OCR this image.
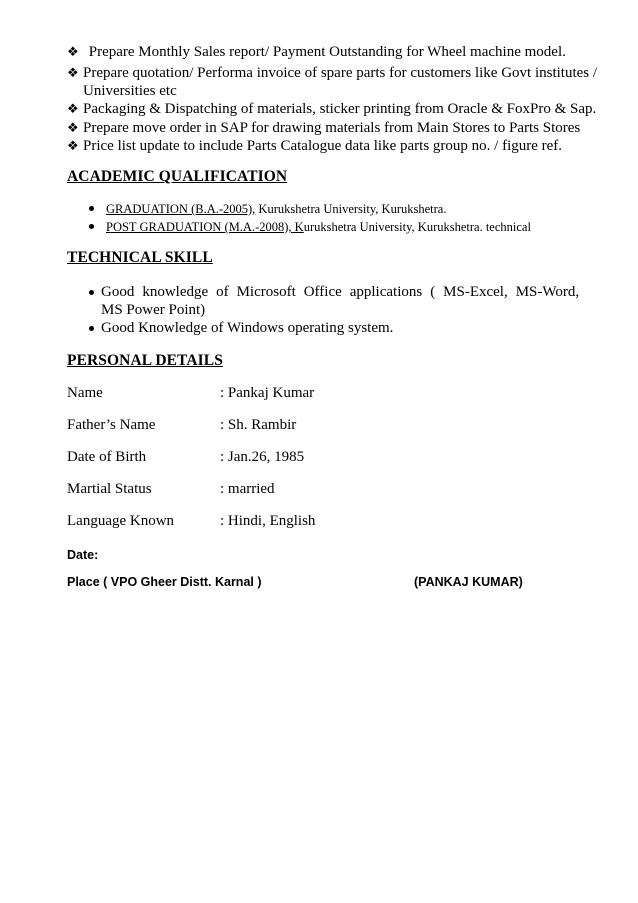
❖ Prepare Monthly Sales report/ Payment Outstanding for Wheel machine model.
❖ Prepare quotation/ Performa invoice of spare parts for customers like Govt institutes /
Universities etc
❖ Packaging & Dispatching of materials, sticker printing from Oracle & FoxPro & Sap.
❖ Prepare move order in SAP for drawing materials from Main Stores to Parts Stores
❖ Price list update to include Parts Catalogue data like parts group no. / figure ref.
ACADEMIC QUALIFICATION
GRADUATION (B.A.-2005), Kurukshetra University, Kurukshetra.
POST GRADUATION (M.A.-2008), Kurukshetra University, Kurukshetra. technical
TECHNICAL SKILL
Good knowledge of Microsoft Office applications ( MS-Excel, MS-Word,
MS Power Point)
Good Knowledge of Windows operating system.
PERSONAL DETAILS
Name	: Pankaj Kumar
Father’s Name	: Sh. Rambir
Date of Birth	: Jan.26, 1985
Martial Status	: married
Language Known	: Hindi, English
Date:
Place ( VPO Gheer Distt. Karnal )	(PANKAJ KUMAR)
